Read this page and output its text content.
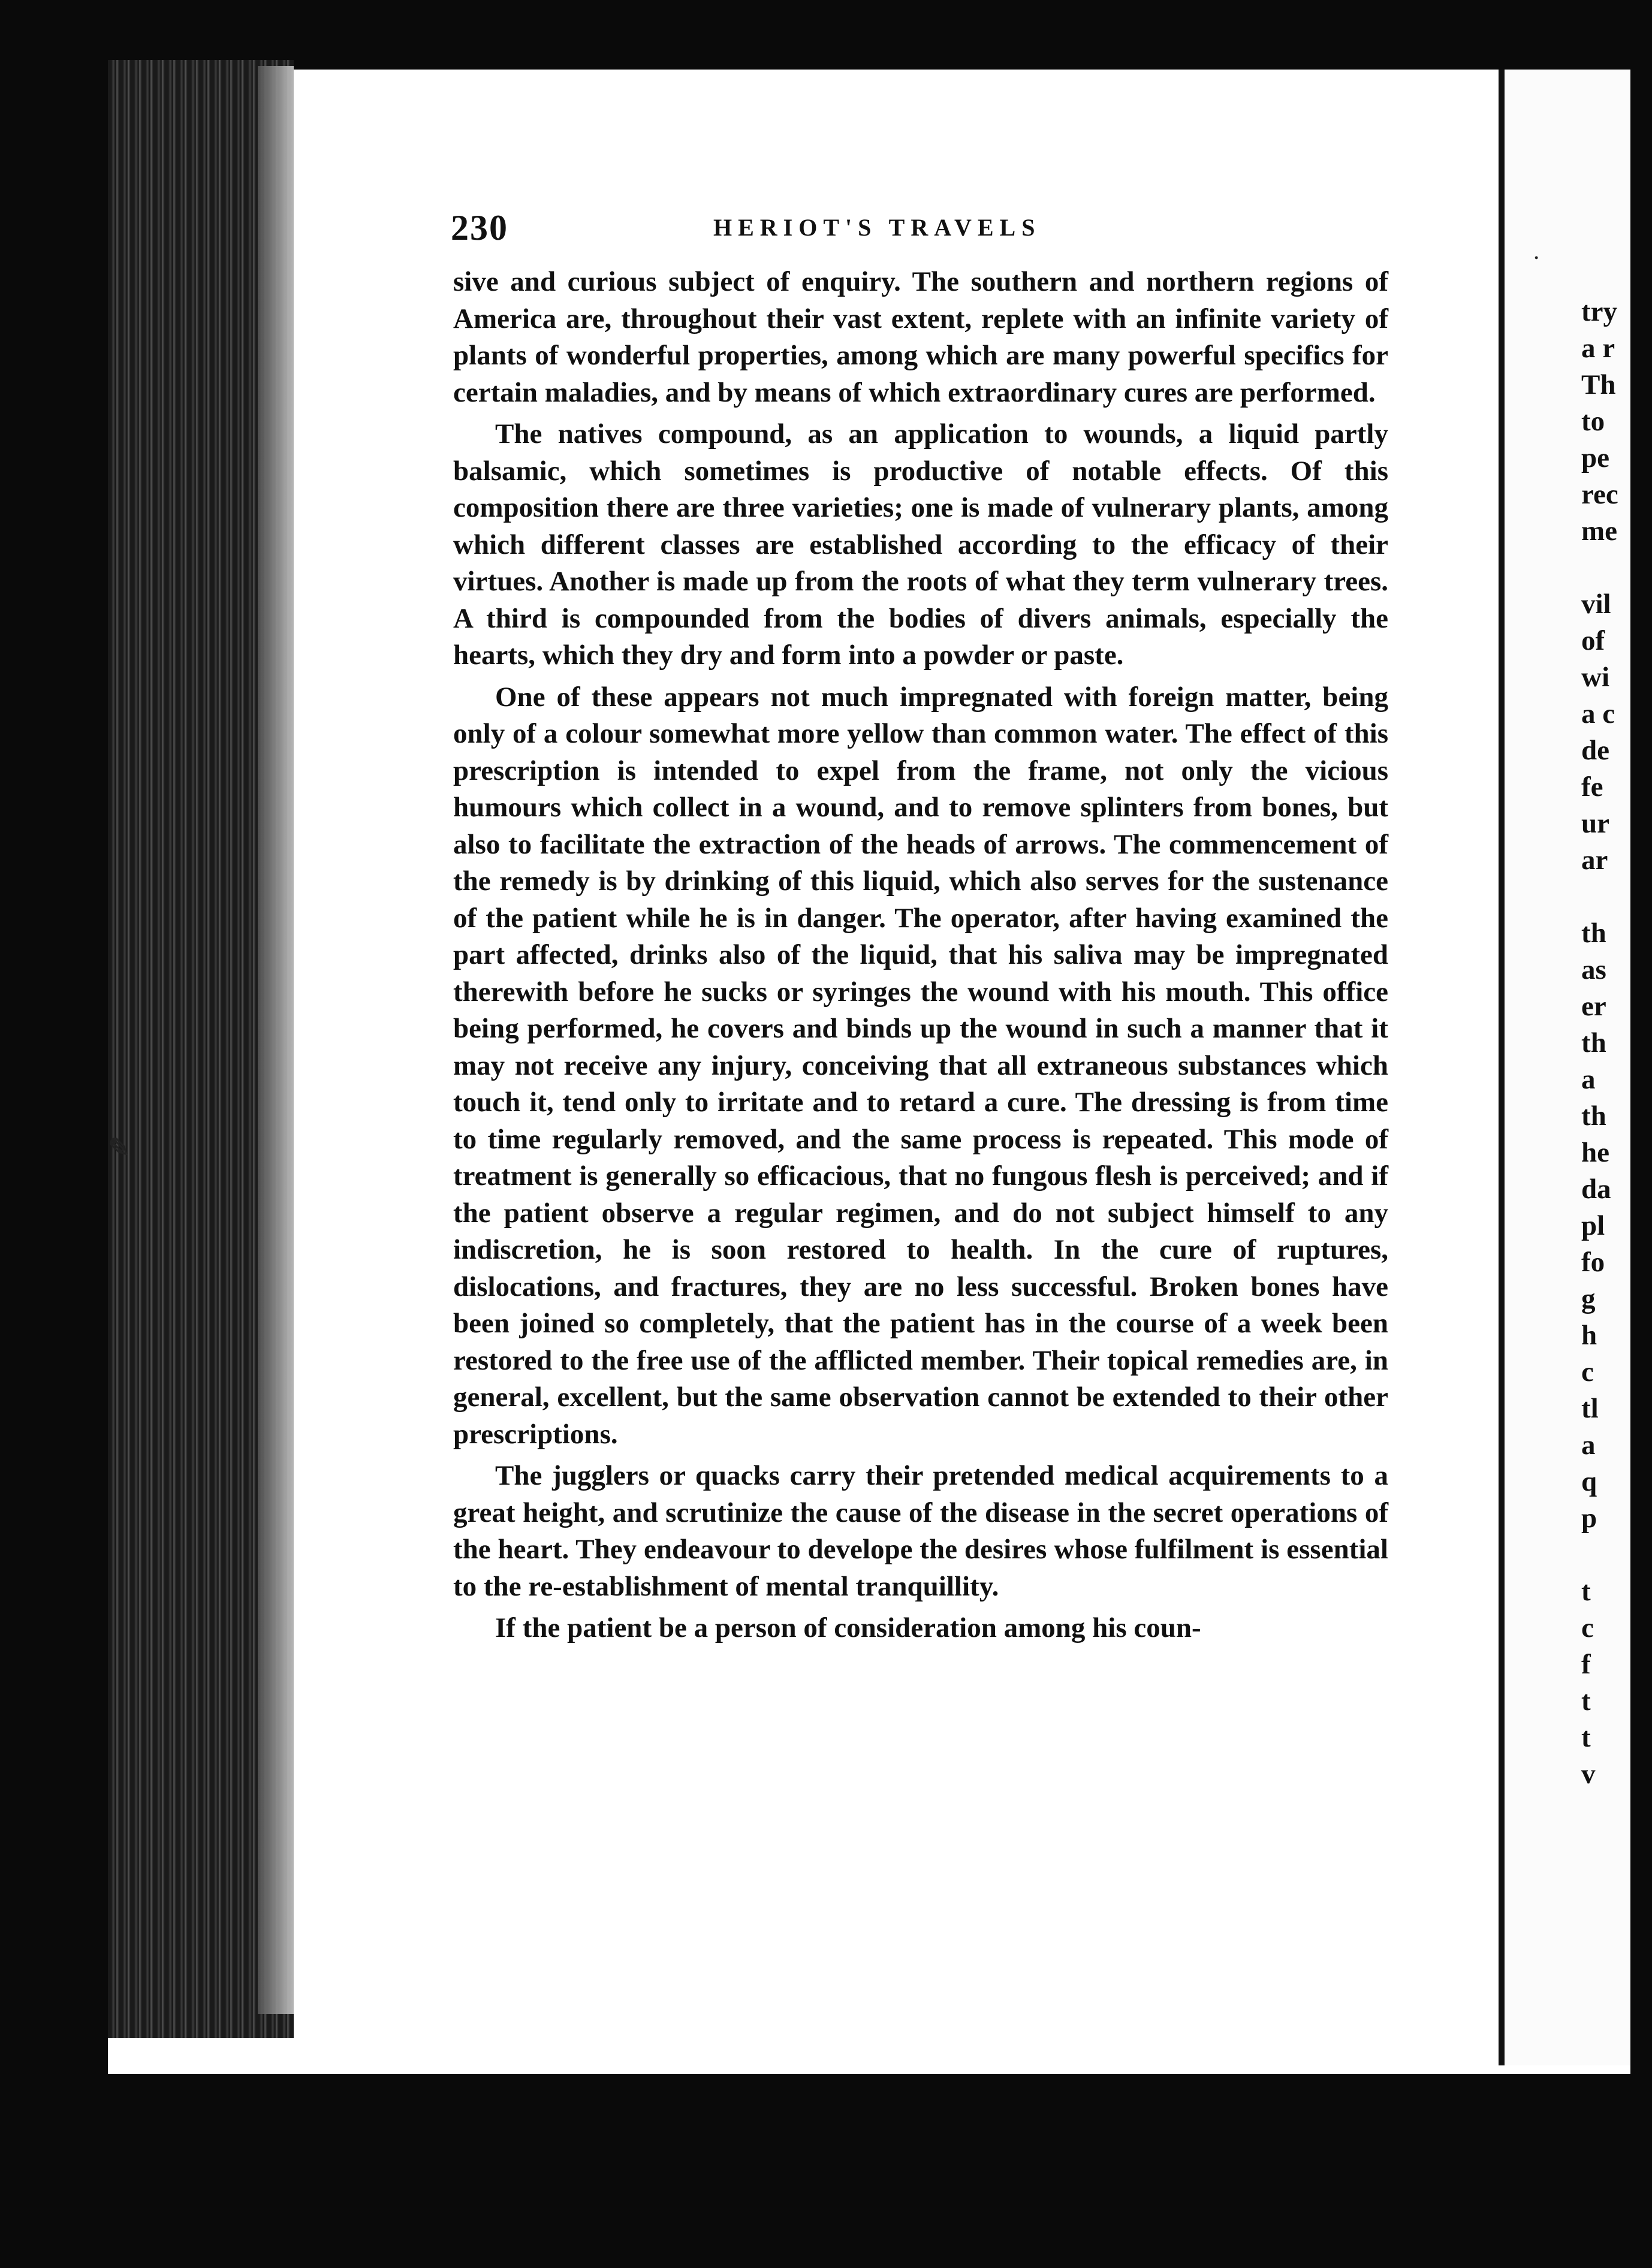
230	HERIOT'S TRAVELS

sive and curious subject of enquiry. The southern and northern regions of America are, throughout their vast extent, replete with an infinite variety of plants of wonderful properties, among which are many powerful specifics for certain maladies, and by means of which extraordinary cures are performed.

The natives compound, as an application to wounds, a liquid partly balsamic, which sometimes is productive of notable effects. Of this composition there are three varieties; one is made of vulnerary plants, among which different classes are established according to the efficacy of their virtues. Another is made up from the roots of what they term vulnerary trees. A third is compounded from the bodies of divers animals, especially the hearts, which they dry and form into a powder or paste.

One of these appears not much impregnated with foreign matter, being only of a colour somewhat more yellow than common water. The effect of this prescription is intended to expel from the frame, not only the vicious humours which collect in a wound, and to remove splinters from bones, but also to facilitate the extraction of the heads of arrows. The commencement of the remedy is by drinking of this liquid, which also serves for the sustenance of the patient while he is in danger. The operator, after having examined the part affected, drinks also of the liquid, that his saliva may be impregnated therewith before he sucks or syringes the wound with his mouth. This office being performed, he covers and binds up the wound in such a manner that it may not receive any injury, conceiving that all extraneous substances which touch it, tend only to irritate and to retard a cure. The dressing is from time to time regularly removed, and the same process is repeated. This mode of treatment is generally so efficacious, that no fungous flesh is perceived; and if the patient observe a regular regimen, and do not subject himself to any indiscretion, he is soon restored to health. In the cure of ruptures, dislocations, and fractures, they are no less successful. Broken bones have been joined so completely, that the patient has in the course of a week been restored to the free use of the afflicted member. Their topical remedies are, in general, excellent, but the same observation cannot be extended to their other prescriptions.

The jugglers or quacks carry their pretended medical acquirements to a great height, and scrutinize the cause of the disease in the secret operations of the heart. They endeavour to develope the desires whose fulfilment is essential to the re-establishment of mental tranquillity.

If the patient be a person of consideration among his coun-

try
a r
Th
to
pe
rec
me

vil
of
wi
a c
de
fe
ur
ar

th
as
er
th
a
th
he
da
pl
fo
g
h
c
tl
a
q
p

t
c
f
t
t
v
✎
•
